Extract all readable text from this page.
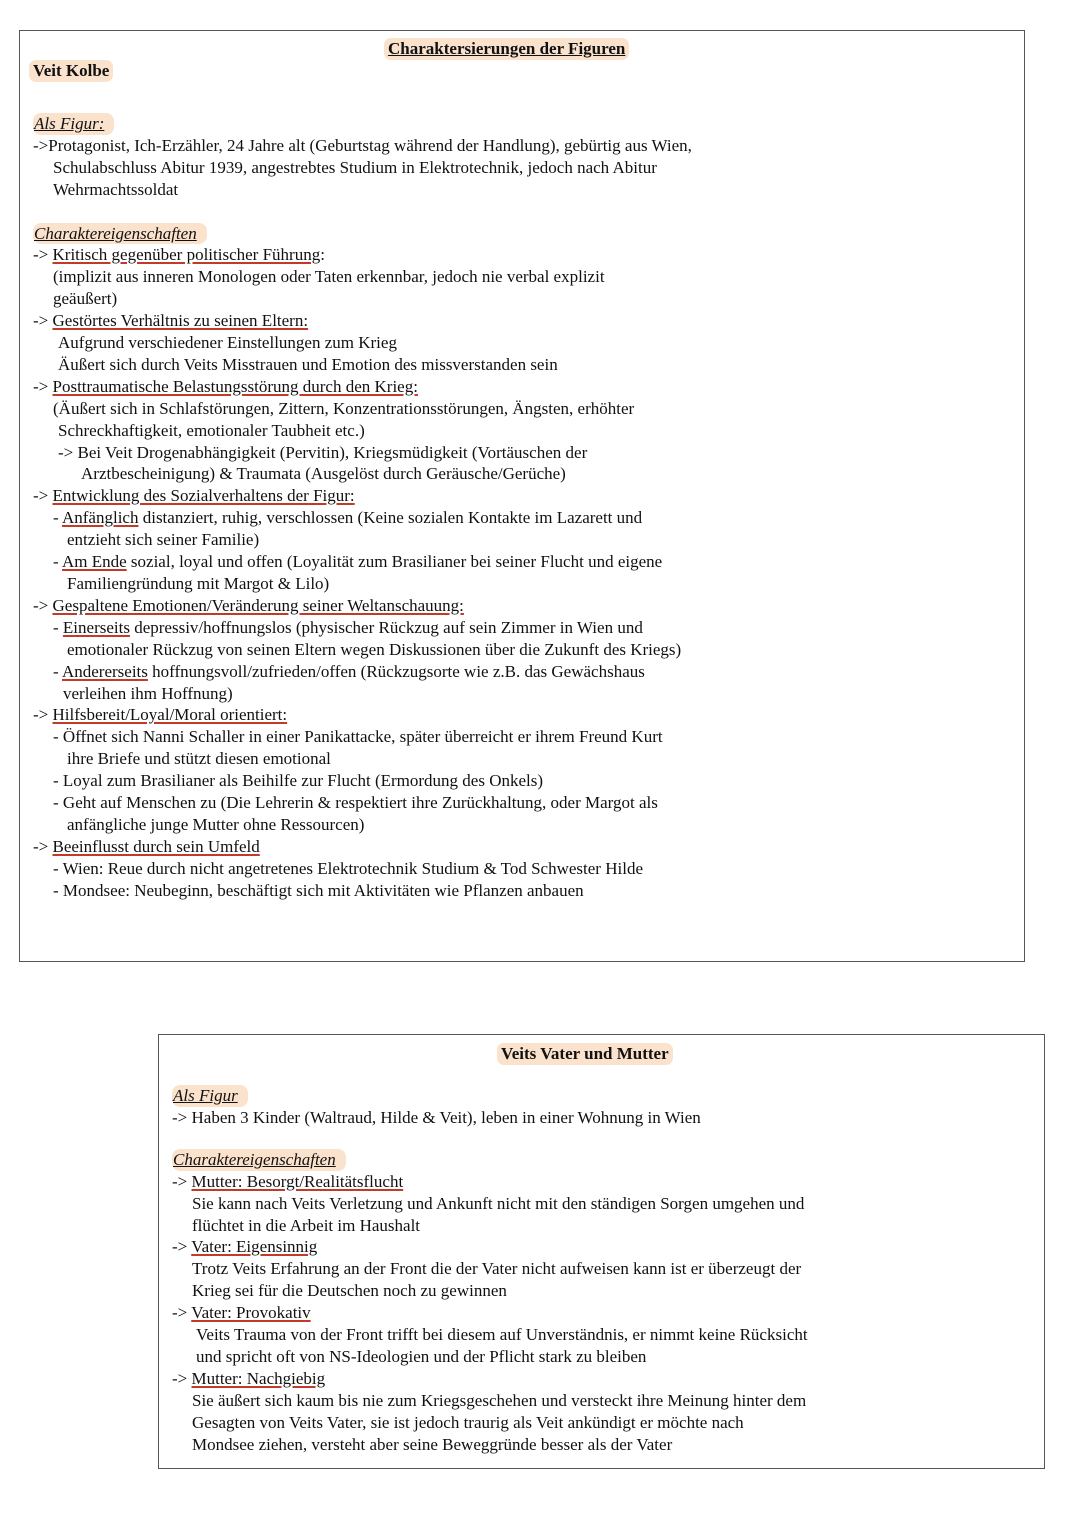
Charaktersierungen der Figuren
Veit Kolbe
Als Figur:
->Protagonist, Ich-Erzähler, 24 Jahre alt (Geburtstag während der Handlung), gebürtig aus Wien,
Schulabschluss Abitur 1939, angestrebtes Studium in Elektrotechnik, jedoch nach Abitur
Wehrmachtssoldat
Charaktereigenschaften
-> Kritisch gegenüber politischer Führung:
(implizit aus inneren Monologen oder Taten erkennbar, jedoch nie verbal explizit
geäußert)
-> Gestörtes Verhältnis zu seinen Eltern:
Aufgrund verschiedener Einstellungen zum Krieg
Äußert sich durch Veits Misstrauen und Emotion des missverstanden sein
-> Posttraumatische Belastungsstörung durch den Krieg:
(Äußert sich in Schlafstörungen, Zittern, Konzentrationsstörungen, Ängsten, erhöhter
Schreckhaftigkeit, emotionaler Taubheit etc.)
-> Bei Veit Drogenabhängigkeit (Pervitin), Kriegsmüdigkeit (Vortäuschen der
Arztbescheinigung) & Traumata (Ausgelöst durch Geräusche/Gerüche)
-> Entwicklung des Sozialverhaltens der Figur:
- Anfänglich distanziert, ruhig, verschlossen (Keine sozialen Kontakte im Lazarett und
entzieht sich seiner Familie)
- Am Ende sozial, loyal und offen (Loyalität zum Brasilianer bei seiner Flucht und eigene
Familiengründung mit Margot & Lilo)
-> Gespaltene Emotionen/Veränderung seiner Weltanschauung:
- Einerseits depressiv/hoffnungslos (physischer Rückzug auf sein Zimmer in Wien und
emotionaler Rückzug von seinen Eltern wegen Diskussionen über die Zukunft des Kriegs)
- Andererseits hoffnungsvoll/zufrieden/offen (Rückzugsorte wie z.B. das Gewächshaus
verleihen ihm Hoffnung)
-> Hilfsbereit/Loyal/Moral orientiert:
- Öffnet sich Nanni Schaller in einer Panikattacke, später überreicht er ihrem Freund Kurt
ihre Briefe und stützt diesen emotional
- Loyal zum Brasilianer als Beihilfe zur Flucht (Ermordung des Onkels)
- Geht auf Menschen zu (Die Lehrerin & respektiert ihre Zurückhaltung, oder Margot als
anfängliche junge Mutter ohne Ressourcen)
-> Beeinflusst durch sein Umfeld
- Wien: Reue durch nicht angetretenes Elektrotechnik Studium & Tod Schwester Hilde
- Mondsee: Neubeginn, beschäftigt sich mit Aktivitäten wie Pflanzen anbauen
Veits Vater und Mutter
Als Figur
-> Haben 3 Kinder (Waltraud, Hilde & Veit), leben in einer Wohnung in Wien
Charaktereigenschaften
-> Mutter: Besorgt/Realitätsflucht
Sie kann nach Veits Verletzung und Ankunft nicht mit den ständigen Sorgen umgehen und
flüchtet in die Arbeit im Haushalt
-> Vater: Eigensinnig
Trotz Veits Erfahrung an der Front die der Vater nicht aufweisen kann ist er überzeugt der
Krieg sei für die Deutschen noch zu gewinnen
-> Vater: Provokativ
Veits Trauma von der Front trifft bei diesem auf Unverständnis, er nimmt keine Rücksicht
und spricht oft von NS-Ideologien und der Pflicht stark zu bleiben
-> Mutter: Nachgiebig
Sie äußert sich kaum bis nie zum Kriegsgeschehen und versteckt ihre Meinung hinter dem
Gesagten von Veits Vater, sie ist jedoch traurig als Veit ankündigt er möchte nach
Mondsee ziehen, versteht aber seine Beweggründe besser als der Vater
